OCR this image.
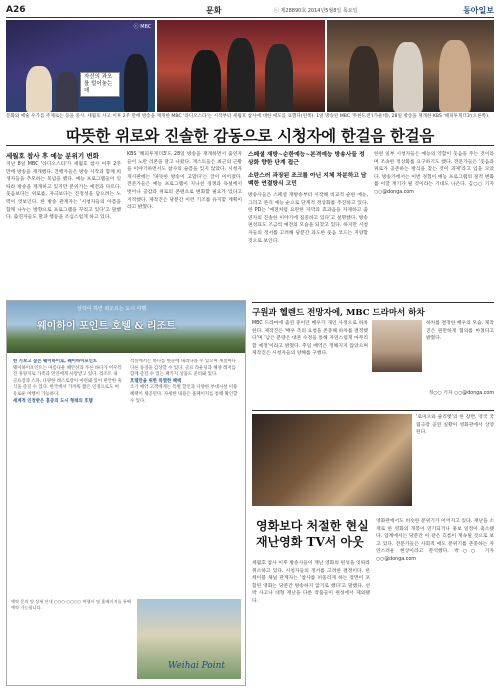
A26	문화	ⓒ 제28890호 2014년5월8일 목요일	동아일보
자신의 과오를 털어놓는데
ⓒ MBC
문화와 예술 우가를 주제로는 등을 중시. 세월호 사고 이후 2주 만에 방송을 재개한 MBC '라디오스타'는 시작부터 세월호 참사에 대한 애도를 표했다(왼쪽). 1일 방송된 MBC '무한도전'(가운데), 28일 방송을 재개한 KBS '해피투게더3'(오른쪽).
따뜻한 위로와 진솔한 감동으로 시청자에 한걸음 한걸음
세월호 참사 후 예능 분위기 변화
지난 8일 MBC '라디오스타'가 세월호 참사 이후 2주 만에 방송을 재개했다. 진행자들은 방송 시작과 함께 희생자들을 추모하는 묵념을 했다. 예능 프로그램들이 잇따라 방송을 재개하고 있지만 분위기는 예전과 다르다. 웃음보다는 위로를, 자극보다는 진정성을 담으려는 노력이 엿보인다. 한 방송 관계자는 '시청자들의 아픔을 함께 나누는 방향으로 프로그램을 꾸리고 있다'고 말했다. 출연자들도 말과 행동을 조심스럽게 하고 있다.
KBS '해피투게더3'도 28일 방송을 재개하면서 출연자들이 노란 리본을 달고 나왔다. 게스트들은 최근의 근황을 이야기하면서도 참사의 슬픔을 잊지 않았다. 시청자 게시판에는 '따뜻한 방송이 고맙다'는 글이 이어졌다. 전문가들은 예능 프로그램이 지나친 경쟁과 독설에서 벗어나 공감과 위로의 콘텐츠로 변화할 필요가 있다고 지적했다. 제작진은 당분간 이런 기조를 유지할 계획이라고 밝혔다.
스페셜 재방~순한예능~본격예능 방송사들 정상화 향한 단계 접근
소란스러 과장된 조크를 아닌 지체 차분하고 담백한 연결방식 고민
방송사들은 스페셜 재방송부터 시작해 비교적 순한 예능, 그리고 본격 예능 순으로 단계적 정상화를 추진하고 있다. 한 PD는 '예전처럼 요란한 자막과 효과음을 자제하고 출연자의 진솔한 이야기에 집중하고 있다'고 설명했다. 방송 편성표도 조금씩 예전의 모습을 되찾고 있다. 하지만 시청자들의 정서를 고려해 당분간 과도한 웃음 코드는 지양할 것으로 보인다.
한편 일부 시청자들은 예능의 역할이 웃음을 주는 것이라며 조속한 정상화를 요구하기도 했다. 전문가들은 '웃음과 위로가 공존하는 방식을 찾는 것이 과제'라고 입을 모았다. 방송가에서는 이번 경험이 예능 프로그램의 질적 변화를 이끌 계기가 될 것이라는 기대도 나온다. 김○○ 기자 ○○@donga.com
상하이 하면 떠오르는 도시 여행
웨이하이 포인트 호텔 & 리조트
한 가보고 싶은 웨이하이로, 웨이하이포인트
웨이하이포인트는 아름다운 해안선과 푸른 바다가 어우러진 휴양지로 가족과 연인에게 사랑받고 있다. 리조트 내 골프장과 스파, 다양한 레스토랑이 마련돼 있어 편안한 휴식을 즐길 수 있다. 한국에서 가까워 짧은 일정으로도 여유로운 여행이 가능하다.
세계적 인정받은 홍콩의 도시 형태의 호텔
객실에서는 바다를 한눈에 내려다볼 수 있으며 계절마다 다른 풍경을 감상할 수 있다. 골프 라운딩과 해양 레저를 함께 즐길 수 있는 패키지 상품도 준비돼 있다.
호텔만을 위한 특별한 혜택
조기 예약 고객에게는 특별 할인과 다양한 부대시설 이용 혜택이 제공된다. 자세한 내용은 홈페이지를 통해 확인할 수 있다.
예약 문의 및 상세 안내 ○○○-○○○○ 여행사 및 홈페이지를 통해 예약 가능합니다.
Weihai Point
구원과 헬렌드 전망자에, MBC 드라마서 하차
MBC 드라마에 출연 중이던 배우가 개인 사정으로 하차한다. 제작진은 '배우 측의 요청을 존중해 하차를 결정했다'며 '남은 분량은 대본 수정을 통해 자연스럽게 마무리할 예정'이라고 밝혔다. 후임 배역은 정해지지 않았으며 제작진은 시청자들의 양해를 구했다.
하차를 결정한 배우의 모습. 제작진은 원만하게 협의를 마쳤다고 밝혔다.
정○○ 기자 ○○@donga.com
'로미오와 줄리엣'의 한 장면. 영국 국립극장 공연 실황이 영화관에서 상영된다.
영화보다 처절한 현실 재난영화 TV서 아웃
세월호 참사 이후 방송사들이 재난 영화의 편성을 잇따라 취소하고 있다. 시청자들의 정서를 고려한 결정이다. 한 케이블 채널 관계자는 '참사를 떠올리게 하는 장면이 포함된 영화는 당분간 방송하지 않기로 했다'고 말했다. 선박 사고나 대형 재난을 다룬 작품들이 편성에서 제외됐다.
영화관에서도 비슷한 분위기가 이어지고 있다. 재난을 소재로 한 영화의 개봉이 연기되거나 홍보 일정이 축소됐다. 업계에서는 당분간 이 같은 흐름이 계속될 것으로 보고 있다. 전문가들은 사회적 애도 분위기를 존중하는 자연스러운 현상이라고 분석했다. 박○○ 기자 ○○@donga.com
